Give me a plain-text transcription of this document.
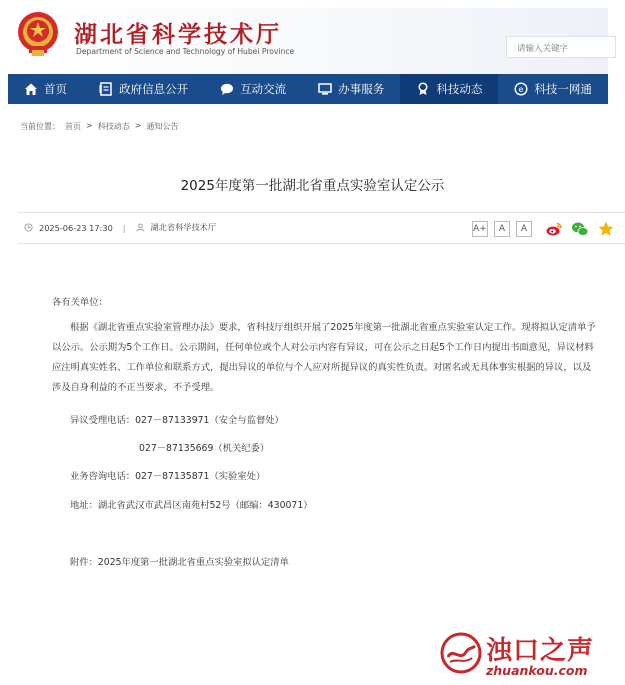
湖北省科学技术厅
Department of Science and Technology of Hubei Province	请输入关键字
首页	政府信息公开	互动交流	办事服务	科技动态	e 科技一网通
当前位置： 首页 > 科技动态 > 通知公告
2025年度第一批湖北省重点实验室认定公示
2025-06-23 17:30 |	湖北省科学技术厅	A+	A	A
各有关单位：
根据《湖北省重点实验室管理办法》要求，省科技厅组织开展了2025年度第一批湖北省重点实验室认定工作。现将拟认定清单予以公示。公示期为5个工作日。公示期间，任何单位或个人对公示内容有异议，可在公示之日起5个工作日内提出书面意见，异议材料应注明真实姓名、工作单位和联系方式，提出异议的单位与个人应对所提异议的真实性负责。对匿名或无具体事实根据的异议，以及涉及自身利益的不正当要求，不予受理。
异议受理电话：027－87133971（安全与监督处）
027－87135669（机关纪委）
业务咨询电话：027－87135871（实验室处）
地址：湖北省武汉市武昌区南苑村52号（邮编：430071）
附件：2025年度第一批湖北省重点实验室拟认定清单
浊口之声
zhuankou.com
